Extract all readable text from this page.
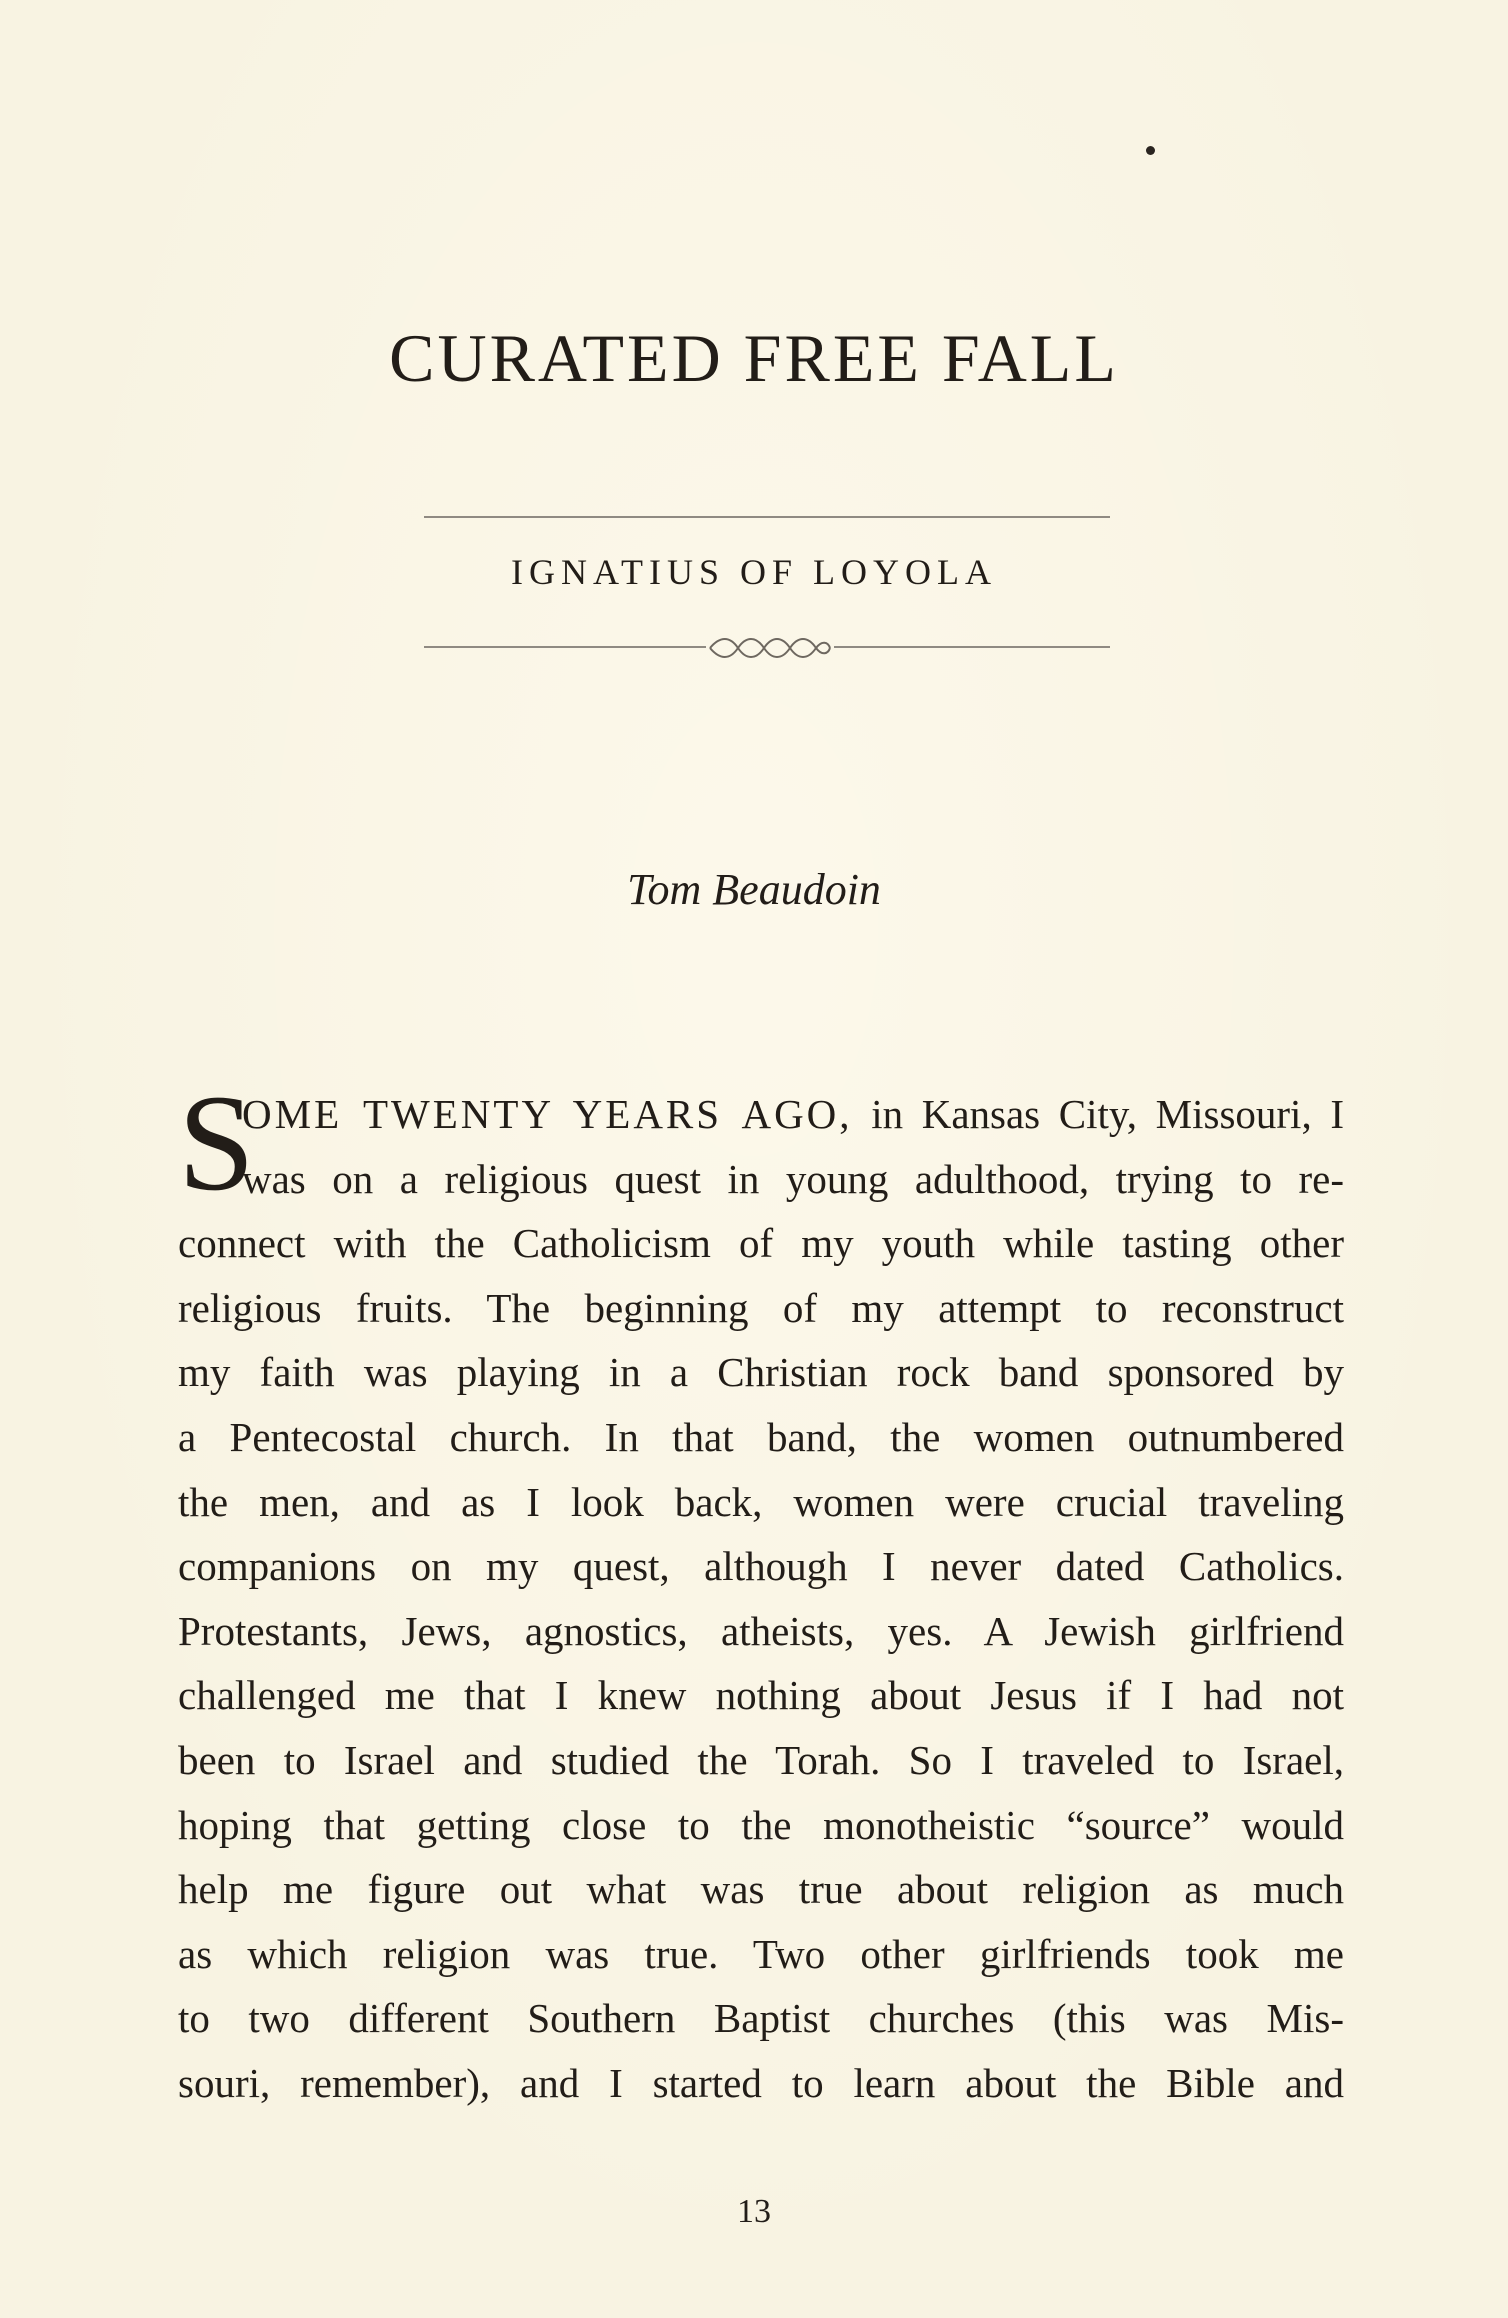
CURATED FREE FALL
IGNATIUS OF LOYOLA
Tom Beaudoin
S
OME TWENTY YEARS AGO, in Kansas City, Missouri, I
was on a religious quest in young adulthood, trying to re-
connect with the Catholicism of my youth while tasting other
religious fruits. The beginning of my attempt to reconstruct
my faith was playing in a Christian rock band sponsored by
a Pentecostal church. In that band, the women outnumbered
the men, and as I look back, women were crucial traveling
companions on my quest, although I never dated Catholics.
Protestants, Jews, agnostics, atheists, yes. A Jewish girlfriend
challenged me that I knew nothing about Jesus if I had not
been to Israel and studied the Torah. So I traveled to Israel,
hoping that getting close to the monotheistic “source” would
help me figure out what was true about religion as much
as which religion was true. Two other girlfriends took me
to two different Southern Baptist churches (this was Mis-
souri, remember), and I started to learn about the Bible and
13
